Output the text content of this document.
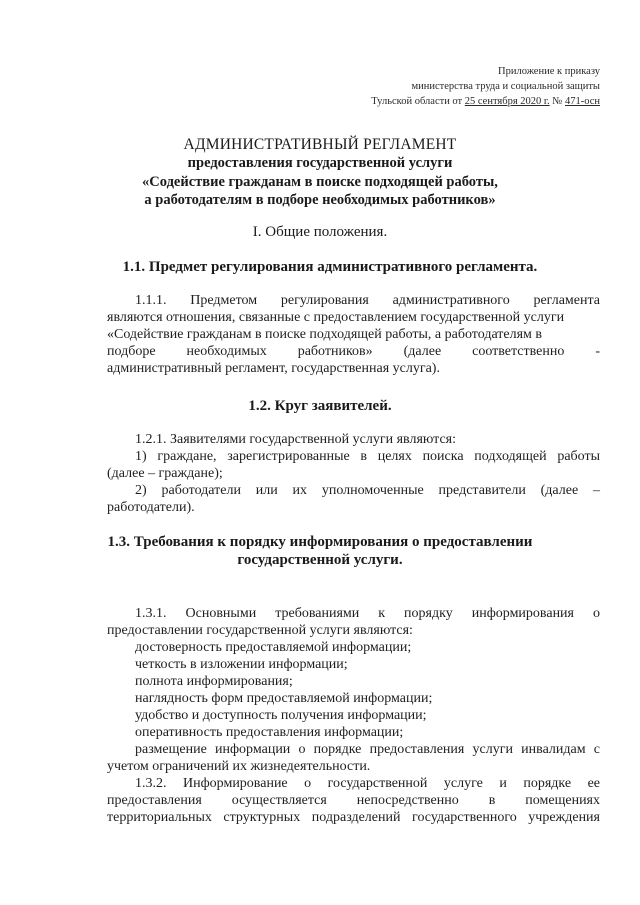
Приложение к приказу
министерства труда и социальной защиты
Тульской области от 25 сентября 2020 г. № 471-осн
АДМИНИСТРАТИВНЫЙ РЕГЛАМЕНТ
предоставления государственной услуги
«Содействие гражданам в поиске подходящей работы,
а работодателям в подборе необходимых работников»
I. Общие положения.
1.1. Предмет регулирования административного регламента.
1.1.1. Предметом регулирования административного регламента
являются отношения, связанные с предоставлением государственной услуги
«Содействие гражданам в поиске подходящей работы, а работодателям в
подборе необходимых работников» (далее соответственно -
административный регламент, государственная услуга).
1.2. Круг заявителей.
1.2.1. Заявителями государственной услуги являются:
1) граждане, зарегистрированные в целях поиска подходящей работы
(далее – граждане);
2) работодатели или их уполномоченные представители (далее –
работодатели).
1.3. Требования к порядку информирования о предоставлении
государственной услуги.
1.3.1. Основными требованиями к порядку информирования о
предоставлении государственной услуги являются:
достоверность предоставляемой информации;
четкость в изложении информации;
полнота информирования;
наглядность форм предоставляемой информации;
удобство и доступность получения информации;
оперативность предоставления информации;
размещение информации о порядке предоставления услуги инвалидам с
учетом ограничений их жизнедеятельности.
1.3.2. Информирование о государственной услуге и порядке ее
предоставления осуществляется непосредственно в помещениях
территориальных структурных подразделений государственного учреждения
